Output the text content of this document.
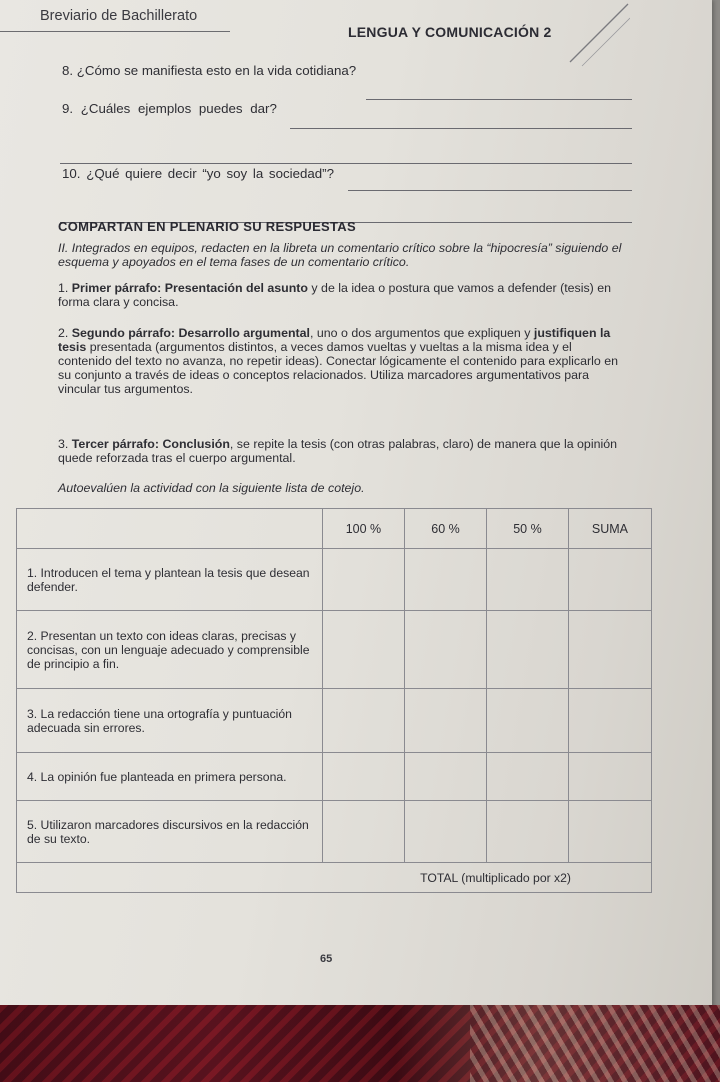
Breviario de Bachillerato
LENGUA Y COMUNICACIÓN 2
8. ¿Cómo se manifiesta esto en la vida cotidiana?
9. ¿Cuáles ejemplos puedes dar?
10. ¿Qué quiere decir “yo soy la sociedad”?
COMPARTAN EN PLENARIO SU RESPUESTAS
II. Integrados en equipos, redacten en la libreta un comentario crítico sobre la “hipocresía” siguiendo el esquema y apoyados en el tema fases de un comentario crítico.
1. Primer párrafo: Presentación del asunto y de la idea o postura que vamos a defender (tesis) en forma clara y concisa.
2. Segundo párrafo: Desarrollo argumental, uno o dos argumentos que expliquen y justifiquen la tesis presentada (argumentos distintos, a veces damos vueltas y vueltas a la misma idea y el contenido del texto no avanza, no repetir ideas). Conectar lógicamente el contenido para explicarlo en su conjunto a través de ideas o conceptos relacionados. Utiliza marcadores argumentativos para vincular tus argumentos.
3. Tercer párrafo: Conclusión, se repite la tesis (con otras palabras, claro) de manera que la opinión quede reforzada tras el cuerpo argumental.
Autoevalúen la actividad con la siguiente lista de cotejo.
	100 %	60 %	50 %	SUMA
1. Introducen el tema y plantean la tesis que desean defender.				
2. Presentan un texto con ideas claras, precisas y concisas, con un lenguaje adecuado y comprensible de principio a fin.				
3. La redacción tiene una ortografía y puntuación adecuada sin errores.				
4. La opinión fue planteada en primera persona.				
5. Utilizaron marcadores discursivos en la redacción de su texto.				
TOTAL (multiplicado por x2)				
65
